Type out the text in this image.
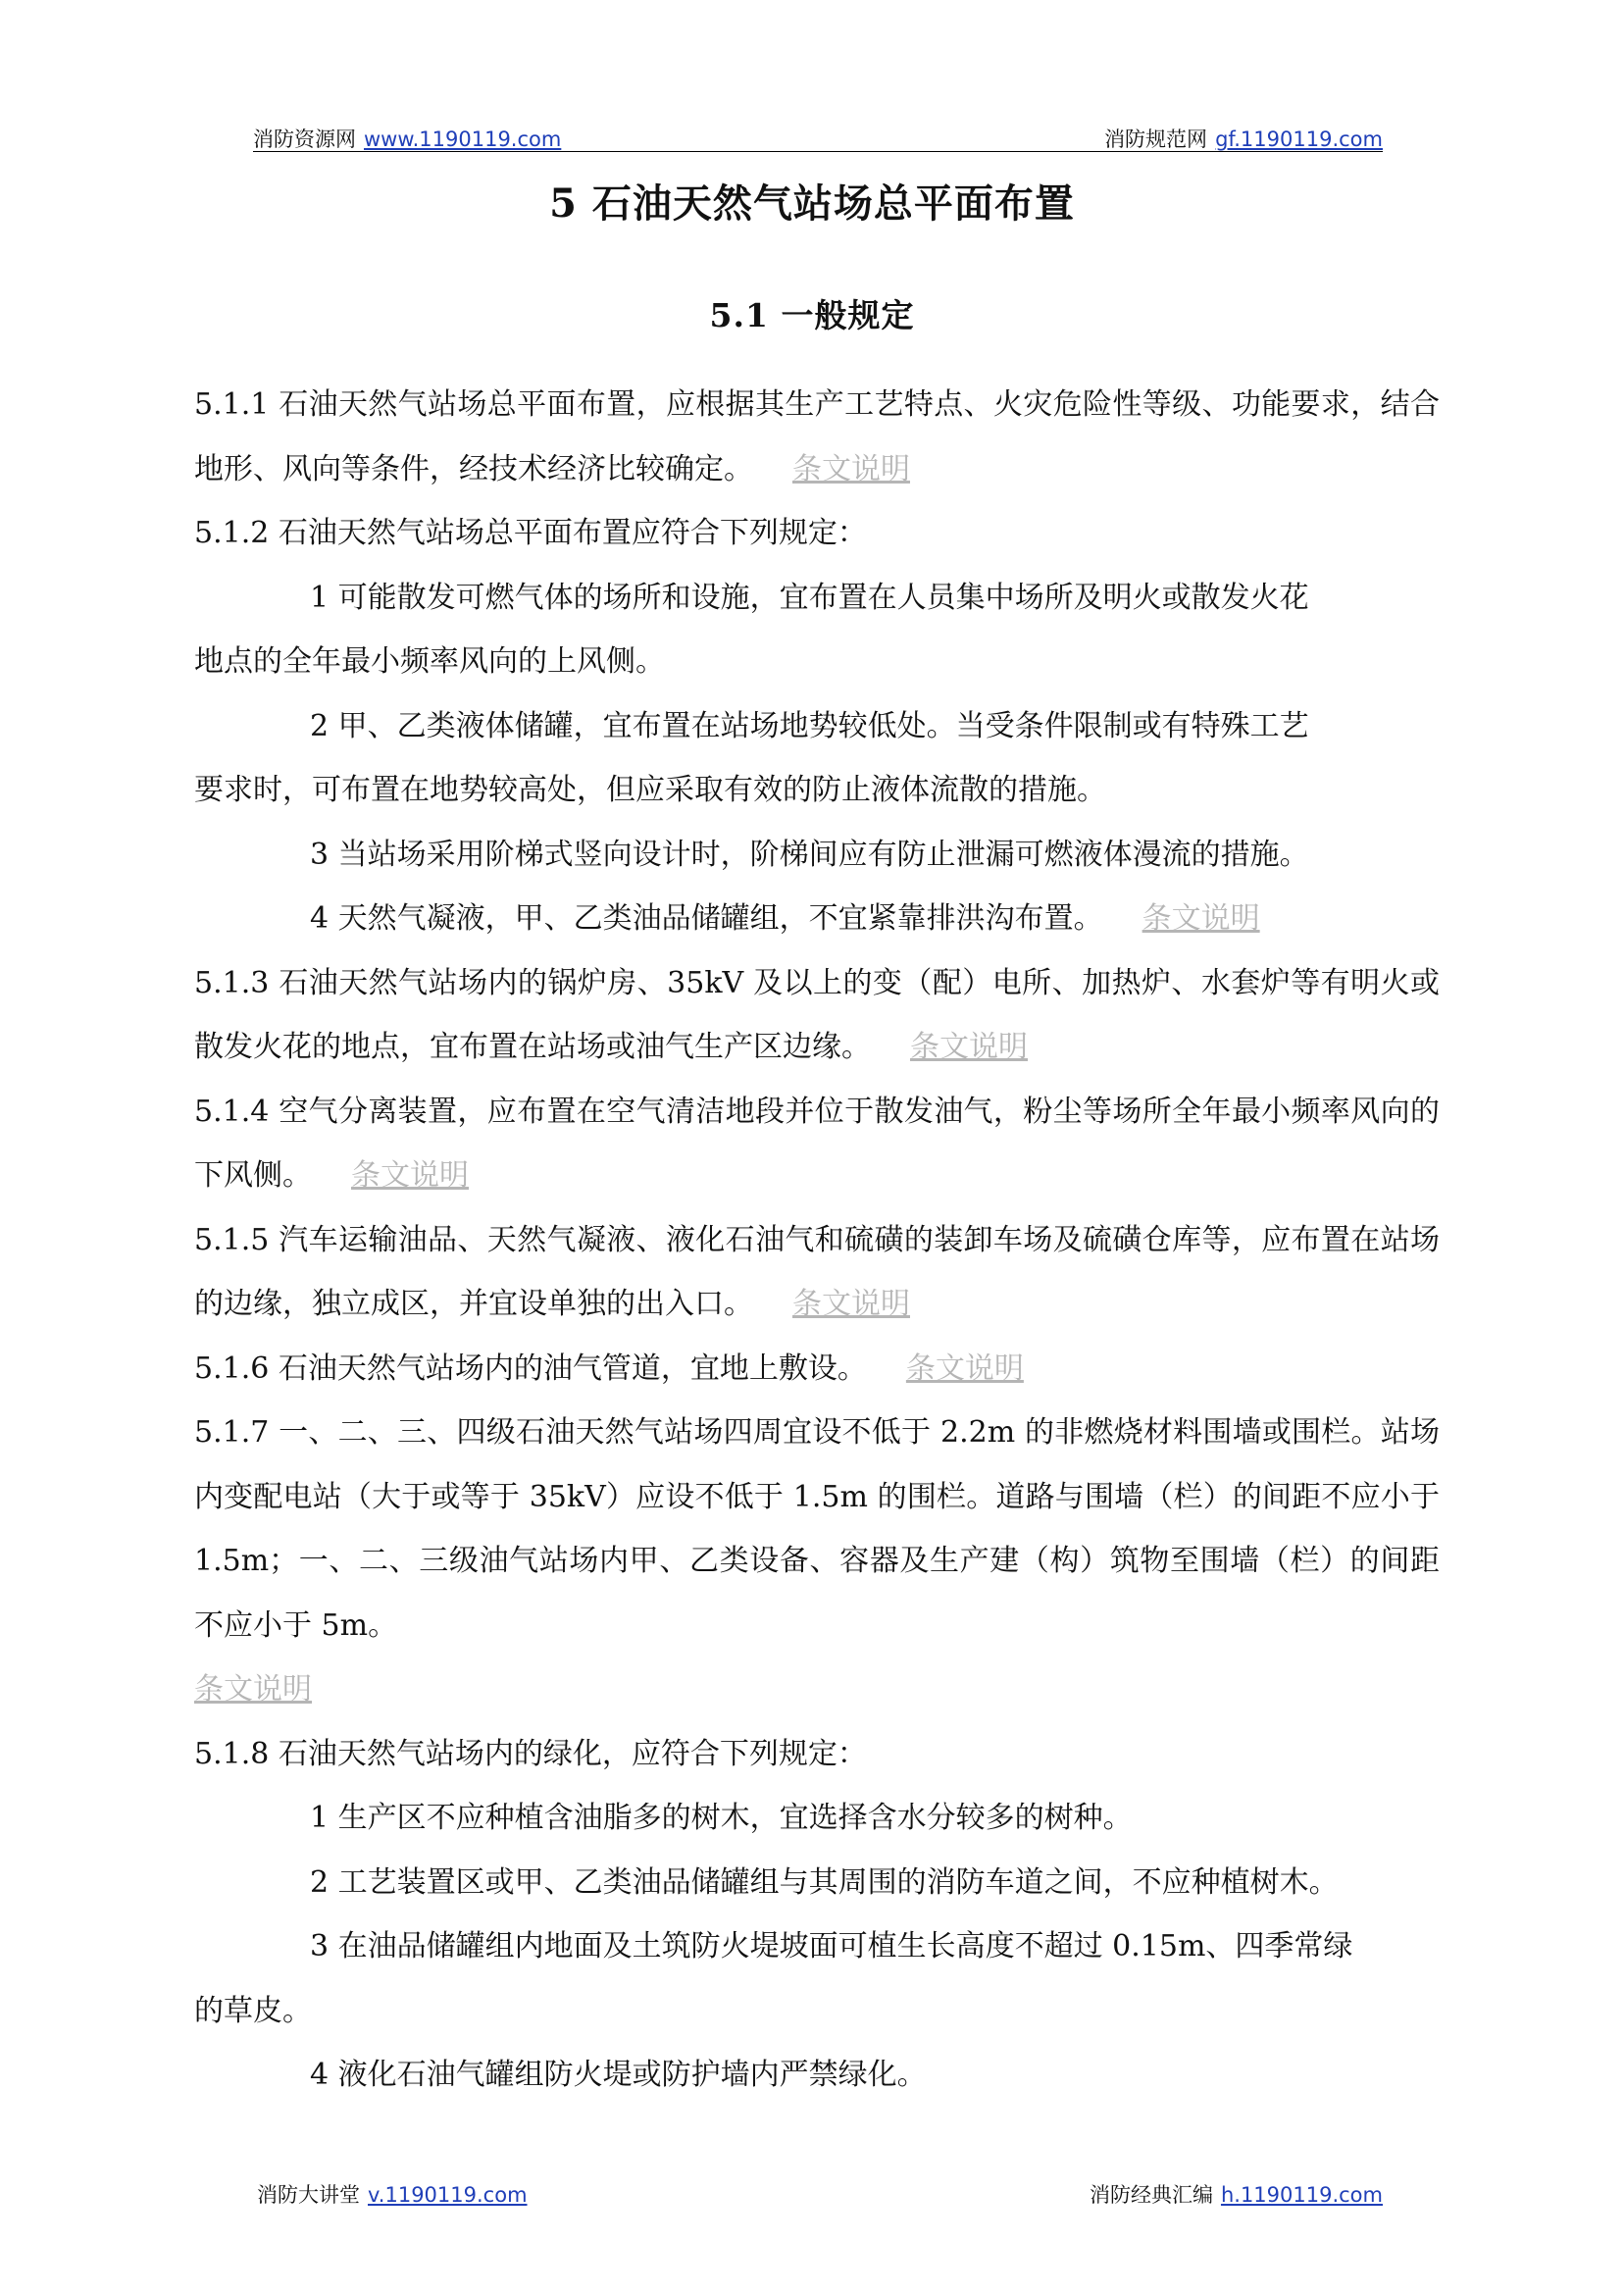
消防资源网 www.1190119.com	消防规范网 gf.1190119.com
5 石油天然气站场总平面布置
5.1 一般规定

5.1.1 石油天然气站场总平面布置，应根据其生产工艺特点、火灾危险性等级、功能要求，结合地形、风向等条件，经技术经济比较确定。 条文说明

5.1.2 石油天然气站场总平面布置应符合下列规定：

1 可能散发可燃气体的场所和设施，宜布置在人员集中场所及明火或散发火花

地点的全年最小频率风向的上风侧。

2 甲、乙类液体储罐，宜布置在站场地势较低处。当受条件限制或有特殊工艺

要求时，可布置在地势较高处，但应采取有效的防止液体流散的措施。

3 当站场采用阶梯式竖向设计时，阶梯间应有防止泄漏可燃液体漫流的措施。

4 天然气凝液，甲、乙类油品储罐组，不宜紧靠排洪沟布置。 条文说明

5.1.3 石油天然气站场内的锅炉房、35kV 及以上的变（配）电所、加热炉、水套炉等有明火或散发火花的地点，宜布置在站场或油气生产区边缘。 条文说明

5.1.4 空气分离装置，应布置在空气清洁地段并位于散发油气，粉尘等场所全年最小频率风向的下风侧。 条文说明

5.1.5 汽车运输油品、天然气凝液、液化石油气和硫磺的装卸车场及硫磺仓库等，应布置在站场的边缘，独立成区，并宜设单独的出入口。 条文说明

5.1.6 石油天然气站场内的油气管道，宜地上敷设。 条文说明

5.1.7 一、二、三、四级石油天然气站场四周宜设不低于 2.2m 的非燃烧材料围墙或围栏。站场内变配电站（大于或等于 35kV）应设不低于 1.5m 的围栏。道路与围墙（栏）的间距不应小于 1.5m；一、二、三级油气站场内甲、乙类设备、容器及生产建（构）筑物至围墙（栏）的间距不应小于 5m。

条文说明

5.1.8 石油天然气站场内的绿化，应符合下列规定：

1 生产区不应种植含油脂多的树木，宜选择含水分较多的树种。

2 工艺装置区或甲、乙类油品储罐组与其周围的消防车道之间，不应种植树木。

3 在油品储罐组内地面及土筑防火堤坡面可植生长高度不超过 0.15m、四季常绿

的草皮。

4 液化石油气罐组防火堤或防护墙内严禁绿化。

消防大讲堂 v.1190119.com	消防经典汇编 h.1190119.com
